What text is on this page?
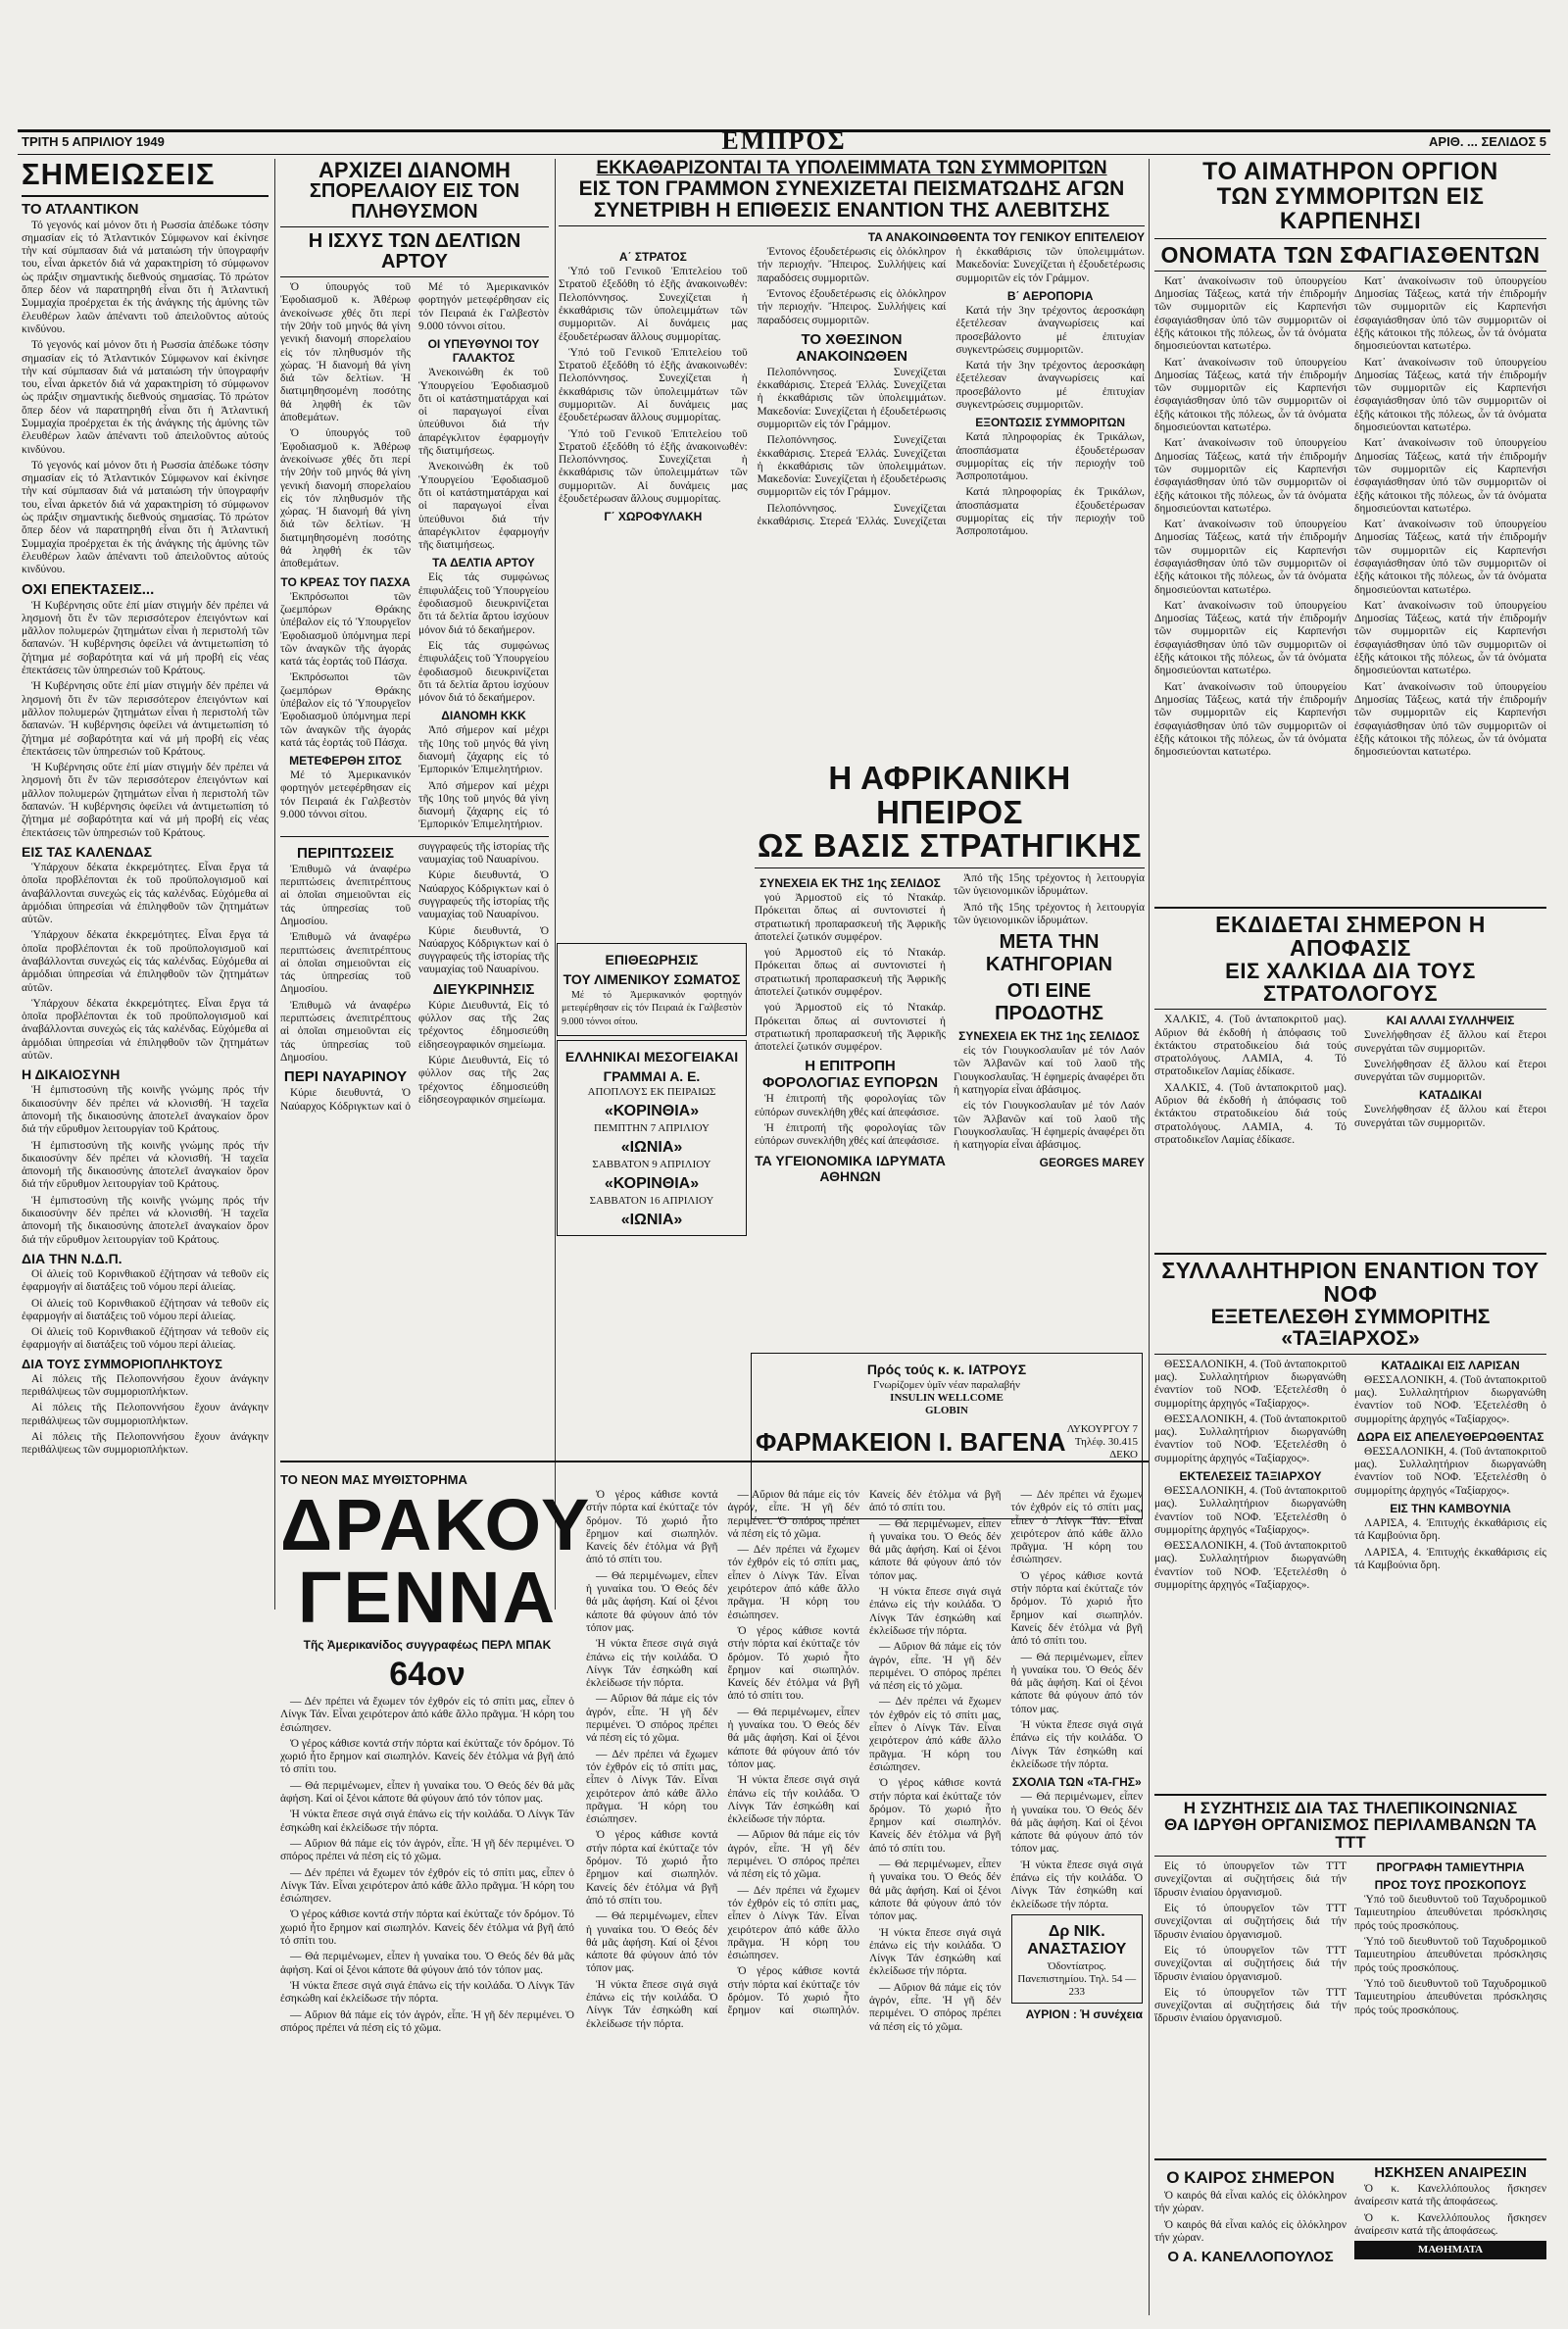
ΤΡΙΤΗ 5 ΑΠΡΙΛΙΟΥ 1949	ΕΜΠΡΟΣ	ΑΡΙΘ. ... ΣΕΛΙΔΟΣ 5
ΣΗΜΕΙΩΣΕΙΣ
ΤΟ ΑΤΛΑΝΤΙΚΟΝ

Τό γεγονός καί μόνον ὅτι ἡ Ρωσσία ἀπέδωκε τόσην σημασίαν εἰς τό Ἀτλαντικόν Σύμφωνον καί ἐκίνησε τὴν καί σύμπασαν διά νά ματαιώση τήν ὑπογραφήν του, εἶναι ἀρκετόν διά νά χαρακτηρίση τό σύμφωνον ὡς πράξιν σημαντικής διεθνούς σημασίας. Τό πρώτον ὅπερ δέον νά παρατηρηθή εἶναι ὅτι ἡ Ἀτλαντική Συμμαχία προέρχεται ἐκ τής ἀνάγκης τής ἀμύνης τῶν ἐλευθέρων λαῶν ἀπέναντι τοῦ ἀπειλοῦντος αὐτούς κινδύνου.

Τό γεγονός καί μόνον ὅτι ἡ Ρωσσία ἀπέδωκε τόσην σημασίαν εἰς τό Ἀτλαντικόν Σύμφωνον καί ἐκίνησε τὴν καί σύμπασαν διά νά ματαιώση τήν ὑπογραφήν του, εἶναι ἀρκετόν διά νά χαρακτηρίση τό σύμφωνον ὡς πράξιν σημαντικής διεθνούς σημασίας. Τό πρώτον ὅπερ δέον νά παρατηρηθή εἶναι ὅτι ἡ Ἀτλαντική Συμμαχία προέρχεται ἐκ τής ἀνάγκης τής ἀμύνης τῶν ἐλευθέρων λαῶν ἀπέναντι τοῦ ἀπειλοῦντος αὐτούς κινδύνου.

Τό γεγονός καί μόνον ὅτι ἡ Ρωσσία ἀπέδωκε τόσην σημασίαν εἰς τό Ἀτλαντικόν Σύμφωνον καί ἐκίνησε τὴν καί σύμπασαν διά νά ματαιώση τήν ὑπογραφήν του, εἶναι ἀρκετόν διά νά χαρακτηρίση τό σύμφωνον ὡς πράξιν σημαντικής διεθνούς σημασίας. Τό πρώτον ὅπερ δέον νά παρατηρηθή εἶναι ὅτι ἡ Ἀτλαντική Συμμαχία προέρχεται ἐκ τής ἀνάγκης τής ἀμύνης τῶν ἐλευθέρων λαῶν ἀπέναντι τοῦ ἀπειλοῦντος αὐτούς κινδύνου.

ΟΧΙ ΕΠΕΚΤΑΣΕΙΣ...

Ἡ Κυβέρνησις οὔτε ἐπί μίαν στιγμήν δέν πρέπει νά λησμονή ὅτι ἕν τῶν περισσότερον ἐπειγόντων καί μᾶλλον πολυμερών ζητημάτων εἶναι ἡ περιστολή τῶν δαπανών. Ἡ κυβέρνησις ὀφείλει νά ἀντιμετωπίση τό ζήτημα μέ σοβαρότητα καί νά μή προβή εἰς νέας ἐπεκτάσεις τῶν ὑπηρεσιών τοῦ Κράτους.

Ἡ Κυβέρνησις οὔτε ἐπί μίαν στιγμήν δέν πρέπει νά λησμονή ὅτι ἕν τῶν περισσότερον ἐπειγόντων καί μᾶλλον πολυμερών ζητημάτων εἶναι ἡ περιστολή τῶν δαπανών. Ἡ κυβέρνησις ὀφείλει νά ἀντιμετωπίση τό ζήτημα μέ σοβαρότητα καί νά μή προβή εἰς νέας ἐπεκτάσεις τῶν ὑπηρεσιών τοῦ Κράτους.

Ἡ Κυβέρνησις οὔτε ἐπί μίαν στιγμήν δέν πρέπει νά λησμονή ὅτι ἕν τῶν περισσότερον ἐπειγόντων καί μᾶλλον πολυμερών ζητημάτων εἶναι ἡ περιστολή τῶν δαπανών. Ἡ κυβέρνησις ὀφείλει νά ἀντιμετωπίση τό ζήτημα μέ σοβαρότητα καί νά μή προβή εἰς νέας ἐπεκτάσεις τῶν ὑπηρεσιών τοῦ Κράτους.

ΕΙΣ ΤΑΣ ΚΑΛΕΝΔΑΣ

Ὑπάρχουν δέκατα ἐκκρεμότητες. Εἶναι ἔργα τά ὁποῖα προβλέπονται ἐκ τοῦ προϋπολογισμοῦ καί ἀναβάλλονται συνεχώς εἰς τάς καλένδας. Εὐχόμεθα αἱ ἁρμόδιαι ὑπηρεσίαι νά ἐπιληφθοῦν τῶν ζητημάτων αὐτῶν.

Ὑπάρχουν δέκατα ἐκκρεμότητες. Εἶναι ἔργα τά ὁποῖα προβλέπονται ἐκ τοῦ προϋπολογισμοῦ καί ἀναβάλλονται συνεχώς εἰς τάς καλένδας. Εὐχόμεθα αἱ ἁρμόδιαι ὑπηρεσίαι νά ἐπιληφθοῦν τῶν ζητημάτων αὐτῶν.

Ὑπάρχουν δέκατα ἐκκρεμότητες. Εἶναι ἔργα τά ὁποῖα προβλέπονται ἐκ τοῦ προϋπολογισμοῦ καί ἀναβάλλονται συνεχώς εἰς τάς καλένδας. Εὐχόμεθα αἱ ἁρμόδιαι ὑπηρεσίαι νά ἐπιληφθοῦν τῶν ζητημάτων αὐτῶν.

Η ΔΙΚΑΙΟΣΥΝΗ

Ἡ ἐμπιστοσύνη τῆς κοινῆς γνώμης πρός τήν δικαιοσύνην δέν πρέπει νά κλονισθή. Ἡ ταχεῖα ἀπονομή τῆς δικαιοσύνης ἀποτελεῖ ἀναγκαίον ὅρον διά τήν εὔρυθμον λειτουργίαν τοῦ Κράτους.

Ἡ ἐμπιστοσύνη τῆς κοινῆς γνώμης πρός τήν δικαιοσύνην δέν πρέπει νά κλονισθή. Ἡ ταχεῖα ἀπονομή τῆς δικαιοσύνης ἀποτελεῖ ἀναγκαίον ὅρον διά τήν εὔρυθμον λειτουργίαν τοῦ Κράτους.

Ἡ ἐμπιστοσύνη τῆς κοινῆς γνώμης πρός τήν δικαιοσύνην δέν πρέπει νά κλονισθή. Ἡ ταχεῖα ἀπονομή τῆς δικαιοσύνης ἀποτελεῖ ἀναγκαίον ὅρον διά τήν εὔρυθμον λειτουργίαν τοῦ Κράτους.

ΔΙΑ ΤΗΝ Ν.Δ.Π.

Οἱ ἀλιείς τοῦ Κορινθιακοῦ ἐζήτησαν νά τεθοῦν εἰς ἐφαρμογήν αἱ διατάξεις τοῦ νόμου περί ἀλιείας.

Οἱ ἀλιείς τοῦ Κορινθιακοῦ ἐζήτησαν νά τεθοῦν εἰς ἐφαρμογήν αἱ διατάξεις τοῦ νόμου περί ἀλιείας.

Οἱ ἀλιείς τοῦ Κορινθιακοῦ ἐζήτησαν νά τεθοῦν εἰς ἐφαρμογήν αἱ διατάξεις τοῦ νόμου περί ἀλιείας.

ΔΙΑ ΤΟΥΣ ΣΥΜΜΟΡΙΟΠΛΗΚΤΟΥΣ

Αἱ πόλεις τῆς Πελοποννήσου ἔχουν ἀνάγκην περιθάλψεως τῶν συμμοριοπλήκτων.

Αἱ πόλεις τῆς Πελοποννήσου ἔχουν ἀνάγκην περιθάλψεως τῶν συμμοριοπλήκτων.

Αἱ πόλεις τῆς Πελοποννήσου ἔχουν ἀνάγκην περιθάλψεως τῶν συμμοριοπλήκτων.

ΑΡΧΙΖΕΙ ΔΙΑΝΟΜΗ
ΣΠΟΡΕΛΑΙΟΥ ΕΙΣ ΤΟΝ ΠΛΗΘΥΣΜΟΝ
Η ΙΣΧΥΣ ΤΩΝ ΔΕΛΤΙΩΝ ΑΡΤΟΥ

Ὁ ὑπουργός τοῦ Ἐφοδιασμοῦ κ. Ἀθέρωφ ἀνεκοίνωσε χθές ὅτι περί τήν 20ήν τοῦ μηνός θά γίνη γενική διανομή σπορελαίου εἰς τόν πληθυσμόν τῆς χώρας. Ἡ διανομή θά γίνη διά τῶν δελτίων. Ἡ διατιμηθησομένη ποσότης θά ληφθή ἐκ τῶν ἀποθεμάτων.

Ὁ ὑπουργός τοῦ Ἐφοδιασμοῦ κ. Ἀθέρωφ ἀνεκοίνωσε χθές ὅτι περί τήν 20ήν τοῦ μηνός θά γίνη γενική διανομή σπορελαίου εἰς τόν πληθυσμόν τῆς χώρας. Ἡ διανομή θά γίνη διά τῶν δελτίων. Ἡ διατιμηθησομένη ποσότης θά ληφθή ἐκ τῶν ἀποθεμάτων.

ΤΟ ΚΡΕΑΣ ΤΟΥ ΠΑΣΧΑ

Ἐκπρόσωποι τῶν ζωεμπόρων Θράκης ὑπέβαλον εἰς τό Ὑπουργεῖον Ἐφοδιασμοῦ ὑπόμνημα περί τῶν ἀναγκῶν τῆς ἀγοράς κατά τάς ἑορτάς τοῦ Πάσχα.

Ἐκπρόσωποι τῶν ζωεμπόρων Θράκης ὑπέβαλον εἰς τό Ὑπουργεῖον Ἐφοδιασμοῦ ὑπόμνημα περί τῶν ἀναγκῶν τῆς ἀγοράς κατά τάς ἑορτάς τοῦ Πάσχα.

ΜΕΤΕΦΕΡΘΗ ΣΙΤΟΣ

Μέ τό Ἀμερικανικόν φορτηγόν μετεφέρθησαν εἰς τόν Πειραιά ἐκ Γαλβεστὸν 9.000 τόννοι σίτου.

Μέ τό Ἀμερικανικόν φορτηγόν μετεφέρθησαν εἰς τόν Πειραιά ἐκ Γαλβεστὸν 9.000 τόννοι σίτου.

ΟΙ ΥΠΕΥΘΥΝΟΙ ΤΟΥ ΓΑΛΑΚΤΟΣ

Ἀνεκοινώθη ἐκ τοῦ Ὑπουργείου Ἐφοδιασμοῦ ὅτι οἱ κατάστηματάρχαι καί οἱ παραγωγοί εἶναι ὑπεύθυνοι διά τήν ἀπαρέγκλιτον ἐφαρμογήν τῆς διατιμήσεως.

Ἀνεκοινώθη ἐκ τοῦ Ὑπουργείου Ἐφοδιασμοῦ ὅτι οἱ κατάστηματάρχαι καί οἱ παραγωγοί εἶναι ὑπεύθυνοι διά τήν ἀπαρέγκλιτον ἐφαρμογήν τῆς διατιμήσεως.

ΤΑ ΔΕΛΤΙΑ ΑΡΤΟΥ

Εἰς τάς συμφώνως ἐπιφυλάξεις τοῦ Ὑπουργείου ἐφοδιασμοῦ διευκρινίζεται ὅτι τά δελτία ἄρτου ἰσχύουν μόνον διά τό δεκαήμερον.

Εἰς τάς συμφώνως ἐπιφυλάξεις τοῦ Ὑπουργείου ἐφοδιασμοῦ διευκρινίζεται ὅτι τά δελτία ἄρτου ἰσχύουν μόνον διά τό δεκαήμερον.

ΔΙΑΝΟΜΗ ΚΚΚ

Ἀπό σήμερον καί μέχρι τῆς 10ης τοῦ μηνός θά γίνη διανομή ζάχαρης εἰς τό Ἐμπορικόν Ἐπιμελητήριον.

Ἀπό σήμερον καί μέχρι τῆς 10ης τοῦ μηνός θά γίνη διανομή ζάχαρης εἰς τό Ἐμπορικόν Ἐπιμελητήριον.

ΠΕΡΙΠΤΩΣΕΙΣ

Ἐπιθυμῶ νά ἀναφέρω περιπτώσεις ἀνεπιτρέπτους αἱ ὁποῖαι σημειοῦνται εἰς τάς ὑπηρεσίας τοῦ Δημοσίου.

Ἐπιθυμῶ νά ἀναφέρω περιπτώσεις ἀνεπιτρέπτους αἱ ὁποῖαι σημειοῦνται εἰς τάς ὑπηρεσίας τοῦ Δημοσίου.

Ἐπιθυμῶ νά ἀναφέρω περιπτώσεις ἀνεπιτρέπτους αἱ ὁποῖαι σημειοῦνται εἰς τάς ὑπηρεσίας τοῦ Δημοσίου.

ΠΕΡΙ ΝΑΥΑΡΙΝΟΥ

Κύριε διευθυντά, Ὁ Ναύαρχος Κόδριγκτων καί ὁ συγγραφεύς τῆς ἱστορίας τῆς ναυμαχίας τοῦ Ναυαρίνου.

Κύριε διευθυντά, Ὁ Ναύαρχος Κόδριγκτων καί ὁ συγγραφεύς τῆς ἱστορίας τῆς ναυμαχίας τοῦ Ναυαρίνου.

Κύριε διευθυντά, Ὁ Ναύαρχος Κόδριγκτων καί ὁ συγγραφεύς τῆς ἱστορίας τῆς ναυμαχίας τοῦ Ναυαρίνου.

ΔΙΕΥΚΡΙΝΗΣΙΣ

Κύριε Διευθυντά, Εἰς τό φύλλον σας τῆς 2ας τρέχοντος ἐδημοσιεύθη εἰδησεογραφικόν σημείωμα.

Κύριε Διευθυντά, Εἰς τό φύλλον σας τῆς 2ας τρέχοντος ἐδημοσιεύθη εἰδησεογραφικόν σημείωμα.

ΕΠΙΘΕΩΡΗΣΙΣ
ΤΟΥ ΛΙΜΕΝΙΚΟΥ ΣΩΜΑΤΟΣ

Μέ τό Ἀμερικανικόν φορτηγόν μετεφέρθησαν εἰς τόν Πειραιά ἐκ Γαλβεστὸν 9.000 τόννοι σίτου.

ΕΛΛΗΝΙΚΑΙ ΜΕΣΟΓΕΙΑΚΑΙ
ΓΡΑΜΜΑΙ Α. Ε.
ΑΠΟΠΛΟΥΣ ΕΚ ΠΕΙΡΑΙΩΣ
«ΚΟΡΙΝΘΙΑ»
ΠΕΜΠΤΗΝ 7 ΑΠΡΙΛΙΟΥ
«ΙΩΝΙΑ»
ΣΑΒΒΑΤΟΝ 9 ΑΠΡΙΛΙΟΥ
«ΚΟΡΙΝΘΙΑ»
ΣΑΒΒΑΤΟΝ 16 ΑΠΡΙΛΙΟΥ
«ΙΩΝΙΑ»
ΕΚΚΑΘΑΡΙΖΟΝΤΑΙ ΤΑ ΥΠΟΛΕΙΜΜΑΤΑ ΤΩΝ ΣΥΜΜΟΡΙΤΩΝ
ΕΙΣ ΤΟΝ ΓΡΑΜΜΟΝ ΣΥΝΕΧΙΖΕΤΑΙ ΠΕΙΣΜΑΤΩΔΗΣ ΑΓΩΝ
ΣΥΝΕΤΡΙΒΗ Η ΕΠΙΘΕΣΙΣ ΕΝΑΝΤΙΟΝ ΤΗΣ ΑΛΕΒΙΤΣΗΣ
ΤΑ ΑΝΑΚΟΙΝΩΘΕΝΤΑ ΤΟΥ ΓΕΝΙΚΟΥ ΕΠΙΤΕΛΕΙΟΥ
Α΄ ΣΤΡΑΤΟΣ

Ὑπό τοῦ Γενικοῦ Ἐπιτελείου τοῦ Στρατοῦ ἐξεδόθη τό ἑξῆς ἀνακοινωθέν: Πελοπόννησος. Συνεχίζεται ἡ ἐκκαθάρισις τῶν ὑπολειμμάτων τῶν συμμοριτῶν. Αἱ δυνάμεις μας ἐξουδετέρωσαν ἄλλους συμμορίτας.

Ὑπό τοῦ Γενικοῦ Ἐπιτελείου τοῦ Στρατοῦ ἐξεδόθη τό ἑξῆς ἀνακοινωθέν: Πελοπόννησος. Συνεχίζεται ἡ ἐκκαθάρισις τῶν ὑπολειμμάτων τῶν συμμοριτῶν. Αἱ δυνάμεις μας ἐξουδετέρωσαν ἄλλους συμμορίτας.

Ὑπό τοῦ Γενικοῦ Ἐπιτελείου τοῦ Στρατοῦ ἐξεδόθη τό ἑξῆς ἀνακοινωθέν: Πελοπόννησος. Συνεχίζεται ἡ ἐκκαθάρισις τῶν ὑπολειμμάτων τῶν συμμοριτῶν. Αἱ δυνάμεις μας ἐξουδετέρωσαν ἄλλους συμμορίτας.

Γ΄ ΧΩΡΟΦΥΛΑΚΗ

Ἐντονος ἐξουδετέρωσις εἰς ὁλόκληρον τήν περιοχήν. Ἤπειρος. Συλλήψεις καί παραδόσεις συμμοριτῶν.

Ἐντονος ἐξουδετέρωσις εἰς ὁλόκληρον τήν περιοχήν. Ἤπειρος. Συλλήψεις καί παραδόσεις συμμοριτῶν.

ΤΟ ΧΘΕΣΙΝΟΝ ΑΝΑΚΟΙΝΩΘΕΝ

Πελοπόννησος. Συνεχίζεται ἐκκαθάρισις. Στερεά Ἑλλάς. Συνεχίζεται ἡ ἐκκαθάρισις τῶν ὑπολειμμάτων. Μακεδονία: Συνεχίζεται ἡ ἐξουδετέρωσις συμμοριτῶν εἰς τόν Γράμμον.

Πελοπόννησος. Συνεχίζεται ἐκκαθάρισις. Στερεά Ἑλλάς. Συνεχίζεται ἡ ἐκκαθάρισις τῶν ὑπολειμμάτων. Μακεδονία: Συνεχίζεται ἡ ἐξουδετέρωσις συμμοριτῶν εἰς τόν Γράμμον.

Πελοπόννησος. Συνεχίζεται ἐκκαθάρισις. Στερεά Ἑλλάς. Συνεχίζεται ἡ ἐκκαθάρισις τῶν ὑπολειμμάτων. Μακεδονία: Συνεχίζεται ἡ ἐξουδετέρωσις συμμοριτῶν εἰς τόν Γράμμον.

Β΄ ΑΕΡΟΠΟΡΙΑ

Κατά τήν 3ην τρέχοντος ἀεροσκάφη ἐξετέλεσαν ἀναγνωρίσεις καί προσεβάλοντο μέ ἐπιτυχίαν συγκεντρώσεις συμμοριτῶν.

Κατά τήν 3ην τρέχοντος ἀεροσκάφη ἐξετέλεσαν ἀναγνωρίσεις καί προσεβάλοντο μέ ἐπιτυχίαν συγκεντρώσεις συμμοριτῶν.

ΕΞΟΝΤΩΣΙΣ ΣΥΜΜΟΡΙΤΩΝ

Κατά πληροφορίας ἐκ Τρικάλων, ἀποσπάσματα ἐξουδετέρωσαν συμμορίτας εἰς τήν περιοχήν τοῦ Ἀσπροποτάμου.

Κατά πληροφορίας ἐκ Τρικάλων, ἀποσπάσματα ἐξουδετέρωσαν συμμορίτας εἰς τήν περιοχήν τοῦ Ἀσπροποτάμου.

Η ΑΦΡΙΚΑΝΙΚΗ ΗΠΕΙΡΟΣ
ΩΣ ΒΑΣΙΣ ΣΤΡΑΤΗΓΙΚΗΣ
ΣΥΝΕΧΕΙΑ ΕΚ ΤΗΣ 1ης ΣΕΛΙΔΟΣ

γού Ἀρμοστοῦ εἰς τό Ντακάρ. Πρόκειται ὅπως αἱ συντονιστεί ἡ στρατιωτική προπαρασκευή τῆς Ἀφρικῆς ἀποτελεί ζωτικόν συμφέρον.

γού Ἀρμοστοῦ εἰς τό Ντακάρ. Πρόκειται ὅπως αἱ συντονιστεί ἡ στρατιωτική προπαρασκευή τῆς Ἀφρικῆς ἀποτελεί ζωτικόν συμφέρον.

γού Ἀρμοστοῦ εἰς τό Ντακάρ. Πρόκειται ὅπως αἱ συντονιστεί ἡ στρατιωτική προπαρασκευή τῆς Ἀφρικῆς ἀποτελεί ζωτικόν συμφέρον.

Η ΕΠΙΤΡΟΠΗ ΦΟΡΟΛΟΓΙΑΣ ΕΥΠΟΡΩΝ

Ἡ ἐπιτροπή τῆς φορολογίας τῶν εὐπόρων συνεκλήθη χθές καί ἀπεφάσισε.

Ἡ ἐπιτροπή τῆς φορολογίας τῶν εὐπόρων συνεκλήθη χθές καί ἀπεφάσισε.

ΤΑ ΥΓΕΙΟΝΟΜΙΚΑ ΙΔΡΥΜΑΤΑ ΑΘΗΝΩΝ

Ἀπό τῆς 15ης τρέχοντος ἡ λειτουργία τῶν ὑγειονομικῶν ἱδρυμάτων.

Ἀπό τῆς 15ης τρέχοντος ἡ λειτουργία τῶν ὑγειονομικῶν ἱδρυμάτων.

ΜΕΤΑ ΤΗΝ ΚΑΤΗΓΟΡΙΑΝ
ΟΤΙ ΕΙΝΕ ΠΡΟΔΟΤΗΣ
ΣΥΝΕΧΕΙΑ ΕΚ ΤΗΣ 1ης ΣΕΛΙΔΟΣ

εἰς τόν Γιουγκοσλαυΐαν μέ τόν Λαόν τῶν Ἀλβανῶν καί τοῦ λαοῦ τῆς Γιουγκοσλαυΐας. Ἡ ἐφημερίς ἀναφέρει ὅτι ἡ κατηγορία εἶναι ἀβάσιμος.

εἰς τόν Γιουγκοσλαυΐαν μέ τόν Λαόν τῶν Ἀλβανῶν καί τοῦ λαοῦ τῆς Γιουγκοσλαυΐας. Ἡ ἐφημερίς ἀναφέρει ὅτι ἡ κατηγορία εἶναι ἀβάσιμος.

GEORGES MAREY
Πρός τούς κ. κ. ΙΑΤΡΟΥΣ
Γνωρίζομεν ὑμῖν νέαν παραλαβήν
INSULIN WELLCOME
GLOBIN
ΦΑΡΜΑΚΕΙΟΝ Ι. ΒΑΓΕΝΑ ΛΥΚΟΥΡΓΟΥ 7
Τηλέφ. 30.415
ΔΕΚΟ
ΤΟ ΝΕΟΝ ΜΑΣ ΜΥΘΙΣΤΟΡΗΜΑ
ΔΡΑΚΟΥ ΓΕΝΝΑ
Τῆς Ἀμερικανίδος συγγραφέως ΠΕΡΛ ΜΠΑΚ
64ον

— Δέν πρέπει νά ἔχωμεν τόν ἐχθρόν εἰς τό σπίτι μας, εἶπεν ὁ Λίνγκ Τάν. Εἶναι χειρότερον ἀπό κάθε ἄλλο πρᾶγμα. Ἡ κόρη του ἐσιώπησεν.

Ὁ γέρος κάθισε κοντά στήν πόρτα καί ἐκύτταζε τόν δρόμον. Τό χωριό ἦτο ἔρημον καί σιωπηλόν. Κανείς δέν ἐτόλμα νά βγῆ ἀπό τό σπίτι του.

— Θά περιμένωμεν, εἶπεν ἡ γυναίκα του. Ὁ Θεός δέν θά μᾶς ἀφήση. Καί οἱ ξένοι κάποτε θά φύγουν ἀπό τόν τόπον μας.

Ἡ νύκτα ἔπεσε σιγά σιγά ἐπάνω εἰς τήν κοιλάδα. Ὁ Λίνγκ Τάν ἐσηκώθη καί ἐκλείδωσε τήν πόρτα.

— Αὔριον θά πάμε εἰς τόν ἀγρόν, εἶπε. Ἡ γῆ δέν περιμένει. Ὁ σπόρος πρέπει νά πέση εἰς τό χῶμα.

— Δέν πρέπει νά ἔχωμεν τόν ἐχθρόν εἰς τό σπίτι μας, εἶπεν ὁ Λίνγκ Τάν. Εἶναι χειρότερον ἀπό κάθε ἄλλο πρᾶγμα. Ἡ κόρη του ἐσιώπησεν.

Ὁ γέρος κάθισε κοντά στήν πόρτα καί ἐκύτταζε τόν δρόμον. Τό χωριό ἦτο ἔρημον καί σιωπηλόν. Κανείς δέν ἐτόλμα νά βγῆ ἀπό τό σπίτι του.

— Θά περιμένωμεν, εἶπεν ἡ γυναίκα του. Ὁ Θεός δέν θά μᾶς ἀφήση. Καί οἱ ξένοι κάποτε θά φύγουν ἀπό τόν τόπον μας.

Ἡ νύκτα ἔπεσε σιγά σιγά ἐπάνω εἰς τήν κοιλάδα. Ὁ Λίνγκ Τάν ἐσηκώθη καί ἐκλείδωσε τήν πόρτα.

— Αὔριον θά πάμε εἰς τόν ἀγρόν, εἶπε. Ἡ γῆ δέν περιμένει. Ὁ σπόρος πρέπει νά πέση εἰς τό χῶμα.

Ὁ γέρος κάθισε κοντά στήν πόρτα καί ἐκύτταζε τόν δρόμον. Τό χωριό ἦτο ἔρημον καί σιωπηλόν. Κανείς δέν ἐτόλμα νά βγῆ ἀπό τό σπίτι του.

— Θά περιμένωμεν, εἶπεν ἡ γυναίκα του. Ὁ Θεός δέν θά μᾶς ἀφήση. Καί οἱ ξένοι κάποτε θά φύγουν ἀπό τόν τόπον μας.

Ἡ νύκτα ἔπεσε σιγά σιγά ἐπάνω εἰς τήν κοιλάδα. Ὁ Λίνγκ Τάν ἐσηκώθη καί ἐκλείδωσε τήν πόρτα.

— Αὔριον θά πάμε εἰς τόν ἀγρόν, εἶπε. Ἡ γῆ δέν περιμένει. Ὁ σπόρος πρέπει νά πέση εἰς τό χῶμα.

— Δέν πρέπει νά ἔχωμεν τόν ἐχθρόν εἰς τό σπίτι μας, εἶπεν ὁ Λίνγκ Τάν. Εἶναι χειρότερον ἀπό κάθε ἄλλο πρᾶγμα. Ἡ κόρη του ἐσιώπησεν.

Ὁ γέρος κάθισε κοντά στήν πόρτα καί ἐκύτταζε τόν δρόμον. Τό χωριό ἦτο ἔρημον καί σιωπηλόν. Κανείς δέν ἐτόλμα νά βγῆ ἀπό τό σπίτι του.

— Θά περιμένωμεν, εἶπεν ἡ γυναίκα του. Ὁ Θεός δέν θά μᾶς ἀφήση. Καί οἱ ξένοι κάποτε θά φύγουν ἀπό τόν τόπον μας.

Ἡ νύκτα ἔπεσε σιγά σιγά ἐπάνω εἰς τήν κοιλάδα. Ὁ Λίνγκ Τάν ἐσηκώθη καί ἐκλείδωσε τήν πόρτα.

— Αὔριον θά πάμε εἰς τόν ἀγρόν, εἶπε. Ἡ γῆ δέν περιμένει. Ὁ σπόρος πρέπει νά πέση εἰς τό χῶμα.

— Δέν πρέπει νά ἔχωμεν τόν ἐχθρόν εἰς τό σπίτι μας, εἶπεν ὁ Λίνγκ Τάν. Εἶναι χειρότερον ἀπό κάθε ἄλλο πρᾶγμα. Ἡ κόρη του ἐσιώπησεν.

Ὁ γέρος κάθισε κοντά στήν πόρτα καί ἐκύτταζε τόν δρόμον. Τό χωριό ἦτο ἔρημον καί σιωπηλόν. Κανείς δέν ἐτόλμα νά βγῆ ἀπό τό σπίτι του.

— Θά περιμένωμεν, εἶπεν ἡ γυναίκα του. Ὁ Θεός δέν θά μᾶς ἀφήση. Καί οἱ ξένοι κάποτε θά φύγουν ἀπό τόν τόπον μας.

Ἡ νύκτα ἔπεσε σιγά σιγά ἐπάνω εἰς τήν κοιλάδα. Ὁ Λίνγκ Τάν ἐσηκώθη καί ἐκλείδωσε τήν πόρτα.

— Αὔριον θά πάμε εἰς τόν ἀγρόν, εἶπε. Ἡ γῆ δέν περιμένει. Ὁ σπόρος πρέπει νά πέση εἰς τό χῶμα.

— Δέν πρέπει νά ἔχωμεν τόν ἐχθρόν εἰς τό σπίτι μας, εἶπεν ὁ Λίνγκ Τάν. Εἶναι χειρότερον ἀπό κάθε ἄλλο πρᾶγμα. Ἡ κόρη του ἐσιώπησεν.

Ὁ γέρος κάθισε κοντά στήν πόρτα καί ἐκύτταζε τόν δρόμον. Τό χωριό ἦτο ἔρημον καί σιωπηλόν. Κανείς δέν ἐτόλμα νά βγῆ ἀπό τό σπίτι του.

— Θά περιμένωμεν, εἶπεν ἡ γυναίκα του. Ὁ Θεός δέν θά μᾶς ἀφήση. Καί οἱ ξένοι κάποτε θά φύγουν ἀπό τόν τόπον μας.

Ἡ νύκτα ἔπεσε σιγά σιγά ἐπάνω εἰς τήν κοιλάδα. Ὁ Λίνγκ Τάν ἐσηκώθη καί ἐκλείδωσε τήν πόρτα.

— Αὔριον θά πάμε εἰς τόν ἀγρόν, εἶπε. Ἡ γῆ δέν περιμένει. Ὁ σπόρος πρέπει νά πέση εἰς τό χῶμα.

— Δέν πρέπει νά ἔχωμεν τόν ἐχθρόν εἰς τό σπίτι μας, εἶπεν ὁ Λίνγκ Τάν. Εἶναι χειρότερον ἀπό κάθε ἄλλο πρᾶγμα. Ἡ κόρη του ἐσιώπησεν.

Ὁ γέρος κάθισε κοντά στήν πόρτα καί ἐκύτταζε τόν δρόμον. Τό χωριό ἦτο ἔρημον καί σιωπηλόν. Κανείς δέν ἐτόλμα νά βγῆ ἀπό τό σπίτι του.

— Θά περιμένωμεν, εἶπεν ἡ γυναίκα του. Ὁ Θεός δέν θά μᾶς ἀφήση. Καί οἱ ξένοι κάποτε θά φύγουν ἀπό τόν τόπον μας.

Ἡ νύκτα ἔπεσε σιγά σιγά ἐπάνω εἰς τήν κοιλάδα. Ὁ Λίνγκ Τάν ἐσηκώθη καί ἐκλείδωσε τήν πόρτα.

— Αὔριον θά πάμε εἰς τόν ἀγρόν, εἶπε. Ἡ γῆ δέν περιμένει. Ὁ σπόρος πρέπει νά πέση εἰς τό χῶμα.

— Δέν πρέπει νά ἔχωμεν τόν ἐχθρόν εἰς τό σπίτι μας, εἶπεν ὁ Λίνγκ Τάν. Εἶναι χειρότερον ἀπό κάθε ἄλλο πρᾶγμα. Ἡ κόρη του ἐσιώπησεν.

Ὁ γέρος κάθισε κοντά στήν πόρτα καί ἐκύτταζε τόν δρόμον. Τό χωριό ἦτο ἔρημον καί σιωπηλόν. Κανείς δέν ἐτόλμα νά βγῆ ἀπό τό σπίτι του.

— Θά περιμένωμεν, εἶπεν ἡ γυναίκα του. Ὁ Θεός δέν θά μᾶς ἀφήση. Καί οἱ ξένοι κάποτε θά φύγουν ἀπό τόν τόπον μας.

Ἡ νύκτα ἔπεσε σιγά σιγά ἐπάνω εἰς τήν κοιλάδα. Ὁ Λίνγκ Τάν ἐσηκώθη καί ἐκλείδωσε τήν πόρτα.

ΣΧΟΛΙΑ ΤΩΝ «ΤΑ-ΓΗΣ»

— Θά περιμένωμεν, εἶπεν ἡ γυναίκα του. Ὁ Θεός δέν θά μᾶς ἀφήση. Καί οἱ ξένοι κάποτε θά φύγουν ἀπό τόν τόπον μας.

Ἡ νύκτα ἔπεσε σιγά σιγά ἐπάνω εἰς τήν κοιλάδα. Ὁ Λίνγκ Τάν ἐσηκώθη καί ἐκλείδωσε τήν πόρτα.

Δρ ΝΙΚ. ΑΝΑΣΤΑΣΙΟΥ
Ὀδοντίατρος. Πανεπιστημίου. Τηλ. 54 — 233
ΑΥΡΙΟΝ : Ἡ συνέχεια
ΤΟ ΑΙΜΑΤΗΡΟΝ ΟΡΓΙΟΝ
ΤΩΝ ΣΥΜΜΟΡΙΤΩΝ ΕΙΣ ΚΑΡΠΕΝΗΣΙ
ΟΝΟΜΑΤΑ ΤΩΝ ΣΦΑΓΙΑΣΘΕΝΤΩΝ

Κατ᾽ ἀνακοίνωσιν τοῦ ὑπουργείου Δημοσίας Τάξεως, κατά τήν ἐπιδρομήν τῶν συμμοριτῶν εἰς Καρπενήσι ἐσφαγιάσθησαν ὑπό τῶν συμμοριτῶν οἱ ἑξῆς κάτοικοι τῆς πόλεως, ὧν τά ὀνόματα δημοσιεύονται κατωτέρω.

Κατ᾽ ἀνακοίνωσιν τοῦ ὑπουργείου Δημοσίας Τάξεως, κατά τήν ἐπιδρομήν τῶν συμμοριτῶν εἰς Καρπενήσι ἐσφαγιάσθησαν ὑπό τῶν συμμοριτῶν οἱ ἑξῆς κάτοικοι τῆς πόλεως, ὧν τά ὀνόματα δημοσιεύονται κατωτέρω.

Κατ᾽ ἀνακοίνωσιν τοῦ ὑπουργείου Δημοσίας Τάξεως, κατά τήν ἐπιδρομήν τῶν συμμοριτῶν εἰς Καρπενήσι ἐσφαγιάσθησαν ὑπό τῶν συμμοριτῶν οἱ ἑξῆς κάτοικοι τῆς πόλεως, ὧν τά ὀνόματα δημοσιεύονται κατωτέρω.

Κατ᾽ ἀνακοίνωσιν τοῦ ὑπουργείου Δημοσίας Τάξεως, κατά τήν ἐπιδρομήν τῶν συμμοριτῶν εἰς Καρπενήσι ἐσφαγιάσθησαν ὑπό τῶν συμμοριτῶν οἱ ἑξῆς κάτοικοι τῆς πόλεως, ὧν τά ὀνόματα δημοσιεύονται κατωτέρω.

Κατ᾽ ἀνακοίνωσιν τοῦ ὑπουργείου Δημοσίας Τάξεως, κατά τήν ἐπιδρομήν τῶν συμμοριτῶν εἰς Καρπενήσι ἐσφαγιάσθησαν ὑπό τῶν συμμοριτῶν οἱ ἑξῆς κάτοικοι τῆς πόλεως, ὧν τά ὀνόματα δημοσιεύονται κατωτέρω.

Κατ᾽ ἀνακοίνωσιν τοῦ ὑπουργείου Δημοσίας Τάξεως, κατά τήν ἐπιδρομήν τῶν συμμοριτῶν εἰς Καρπενήσι ἐσφαγιάσθησαν ὑπό τῶν συμμοριτῶν οἱ ἑξῆς κάτοικοι τῆς πόλεως, ὧν τά ὀνόματα δημοσιεύονται κατωτέρω.

Κατ᾽ ἀνακοίνωσιν τοῦ ὑπουργείου Δημοσίας Τάξεως, κατά τήν ἐπιδρομήν τῶν συμμοριτῶν εἰς Καρπενήσι ἐσφαγιάσθησαν ὑπό τῶν συμμοριτῶν οἱ ἑξῆς κάτοικοι τῆς πόλεως, ὧν τά ὀνόματα δημοσιεύονται κατωτέρω.

Κατ᾽ ἀνακοίνωσιν τοῦ ὑπουργείου Δημοσίας Τάξεως, κατά τήν ἐπιδρομήν τῶν συμμοριτῶν εἰς Καρπενήσι ἐσφαγιάσθησαν ὑπό τῶν συμμοριτῶν οἱ ἑξῆς κάτοικοι τῆς πόλεως, ὧν τά ὀνόματα δημοσιεύονται κατωτέρω.

Κατ᾽ ἀνακοίνωσιν τοῦ ὑπουργείου Δημοσίας Τάξεως, κατά τήν ἐπιδρομήν τῶν συμμοριτῶν εἰς Καρπενήσι ἐσφαγιάσθησαν ὑπό τῶν συμμοριτῶν οἱ ἑξῆς κάτοικοι τῆς πόλεως, ὧν τά ὀνόματα δημοσιεύονται κατωτέρω.

Κατ᾽ ἀνακοίνωσιν τοῦ ὑπουργείου Δημοσίας Τάξεως, κατά τήν ἐπιδρομήν τῶν συμμοριτῶν εἰς Καρπενήσι ἐσφαγιάσθησαν ὑπό τῶν συμμοριτῶν οἱ ἑξῆς κάτοικοι τῆς πόλεως, ὧν τά ὀνόματα δημοσιεύονται κατωτέρω.

Κατ᾽ ἀνακοίνωσιν τοῦ ὑπουργείου Δημοσίας Τάξεως, κατά τήν ἐπιδρομήν τῶν συμμοριτῶν εἰς Καρπενήσι ἐσφαγιάσθησαν ὑπό τῶν συμμοριτῶν οἱ ἑξῆς κάτοικοι τῆς πόλεως, ὧν τά ὀνόματα δημοσιεύονται κατωτέρω.

Κατ᾽ ἀνακοίνωσιν τοῦ ὑπουργείου Δημοσίας Τάξεως, κατά τήν ἐπιδρομήν τῶν συμμοριτῶν εἰς Καρπενήσι ἐσφαγιάσθησαν ὑπό τῶν συμμοριτῶν οἱ ἑξῆς κάτοικοι τῆς πόλεως, ὧν τά ὀνόματα δημοσιεύονται κατωτέρω.

ΕΚΔΙΔΕΤΑΙ ΣΗΜΕΡΟΝ Η ΑΠΟΦΑΣΙΣ
ΕΙΣ ΧΑΛΚΙΔΑ ΔΙΑ ΤΟΥΣ ΣΤΡΑΤΟΛΟΓΟΥΣ

ΧΑΛΚΙΣ, 4. (Τοῦ ἀνταποκριτοῦ μας). Αὔριον θά ἐκδοθή ἡ ἀπόφασις τοῦ ἐκτάκτου στρατοδικείου διά τούς στρατολόγους. ΛΑΜΙΑ, 4. Τό στρατοδικεῖον Λαμίας ἐδίκασε.

ΧΑΛΚΙΣ, 4. (Τοῦ ἀνταποκριτοῦ μας). Αὔριον θά ἐκδοθή ἡ ἀπόφασις τοῦ ἐκτάκτου στρατοδικείου διά τούς στρατολόγους. ΛΑΜΙΑ, 4. Τό στρατοδικεῖον Λαμίας ἐδίκασε.

ΚΑΙ ΑΛΛΑΙ ΣΥΛΛΗΨΕΙΣ

Συνελήφθησαν ἐξ ἄλλου καί ἕτεροι συνεργάται τῶν συμμοριτῶν.

Συνελήφθησαν ἐξ ἄλλου καί ἕτεροι συνεργάται τῶν συμμοριτῶν.

ΚΑΤΑΔΙΚΑΙ

Συνελήφθησαν ἐξ ἄλλου καί ἕτεροι συνεργάται τῶν συμμοριτῶν.

ΣΥΛΛΑΛΗΤΗΡΙΟΝ ΕΝΑΝΤΙΟΝ ΤΟΥ ΝΟΦ
ΕΞΕΤΕΛΕΣΘΗ ΣΥΜΜΟΡΙΤΗΣ «ΤΑΞΙΑΡΧΟΣ»

ΘΕΣΣΑΛΟΝΙΚΗ, 4. (Τοῦ ἀνταποκριτοῦ μας). Συλλαλητήριον διωργανώθη ἐναντίον τοῦ ΝΟΦ. Ἐξετελέσθη ὁ συμμορίτης ἀρχηγός «Ταξίαρχος».

ΘΕΣΣΑΛΟΝΙΚΗ, 4. (Τοῦ ἀνταποκριτοῦ μας). Συλλαλητήριον διωργανώθη ἐναντίον τοῦ ΝΟΦ. Ἐξετελέσθη ὁ συμμορίτης ἀρχηγός «Ταξίαρχος».

ΕΚΤΕΛΕΣΕΙΣ ΤΑΞΙΑΡΧΟΥ

ΘΕΣΣΑΛΟΝΙΚΗ, 4. (Τοῦ ἀνταποκριτοῦ μας). Συλλαλητήριον διωργανώθη ἐναντίον τοῦ ΝΟΦ. Ἐξετελέσθη ὁ συμμορίτης ἀρχηγός «Ταξίαρχος».

ΘΕΣΣΑΛΟΝΙΚΗ, 4. (Τοῦ ἀνταποκριτοῦ μας). Συλλαλητήριον διωργανώθη ἐναντίον τοῦ ΝΟΦ. Ἐξετελέσθη ὁ συμμορίτης ἀρχηγός «Ταξίαρχος».

ΚΑΤΑΔΙΚΑΙ ΕΙΣ ΛΑΡΙΣΑΝ

ΘΕΣΣΑΛΟΝΙΚΗ, 4. (Τοῦ ἀνταποκριτοῦ μας). Συλλαλητήριον διωργανώθη ἐναντίον τοῦ ΝΟΦ. Ἐξετελέσθη ὁ συμμορίτης ἀρχηγός «Ταξίαρχος».

ΔΩΡΑ ΕΙΣ ΑΠΕΛΕΥΘΕΡΩΘΕΝΤΑΣ

ΘΕΣΣΑΛΟΝΙΚΗ, 4. (Τοῦ ἀνταποκριτοῦ μας). Συλλαλητήριον διωργανώθη ἐναντίον τοῦ ΝΟΦ. Ἐξετελέσθη ὁ συμμορίτης ἀρχηγός «Ταξίαρχος».

ΕΙΣ ΤΗΝ ΚΑΜΒΟΥΝΙΑ

ΛΑΡΙΣΑ, 4. Ἐπιτυχής ἐκκαθάρισις εἰς τά Καμβούνια ὄρη.

ΛΑΡΙΣΑ, 4. Ἐπιτυχής ἐκκαθάρισις εἰς τά Καμβούνια ὄρη.

Η ΣΥΖΗΤΗΣΙΣ ΔΙΑ ΤΑΣ ΤΗΛΕΠΙΚΟΙΝΩΝΙΑΣ
ΘΑ ΙΔΡΥΘΗ ΟΡΓΑΝΙΣΜΟΣ ΠΕΡΙΛΑΜΒΑΝΩΝ ΤΑ ΤΤΤ

Εἰς τό ὑπουργεῖον τῶν ΤΤΤ συνεχίζονται αἱ συζητήσεις διά τήν ἵδρυσιν ἑνιαίου ὀργανισμοῦ.

Εἰς τό ὑπουργεῖον τῶν ΤΤΤ συνεχίζονται αἱ συζητήσεις διά τήν ἵδρυσιν ἑνιαίου ὀργανισμοῦ.

Εἰς τό ὑπουργεῖον τῶν ΤΤΤ συνεχίζονται αἱ συζητήσεις διά τήν ἵδρυσιν ἑνιαίου ὀργανισμοῦ.

Εἰς τό ὑπουργεῖον τῶν ΤΤΤ συνεχίζονται αἱ συζητήσεις διά τήν ἵδρυσιν ἑνιαίου ὀργανισμοῦ.

ΠΡΟΓΡΑΦΗ ΤΑΜΙΕΥΤΗΡΙΑ
ΠΡΟΣ ΤΟΥΣ ΠΡΟΣΚΟΠΟΥΣ

Ὑπό τοῦ διευθυντοῦ τοῦ Ταχυδρομικοῦ Ταμιευτηρίου ἀπευθύνεται πρόσκλησις πρός τούς προσκόπους.

Ὑπό τοῦ διευθυντοῦ τοῦ Ταχυδρομικοῦ Ταμιευτηρίου ἀπευθύνεται πρόσκλησις πρός τούς προσκόπους.

Ὑπό τοῦ διευθυντοῦ τοῦ Ταχυδρομικοῦ Ταμιευτηρίου ἀπευθύνεται πρόσκλησις πρός τούς προσκόπους.

Ο ΚΑΙΡΟΣ ΣΗΜΕΡΟΝ

Ὁ καιρός θά εἶναι καλός εἰς ὁλόκληρον τήν χώραν.

Ὁ καιρός θά εἶναι καλός εἰς ὁλόκληρον τήν χώραν.

Ο Α. ΚΑΝΕΛΛΟΠΟΥΛΟΣ
ΗΣΚΗΣΕΝ ΑΝΑΙΡΕΣΙΝ

Ὁ κ. Κανελλόπουλος ἤσκησεν ἀναίρεσιν κατά τῆς ἀποφάσεως.

Ὁ κ. Κανελλόπουλος ἤσκησεν ἀναίρεσιν κατά τῆς ἀποφάσεως.

ΜΑΘΗΜΑΤΑ
